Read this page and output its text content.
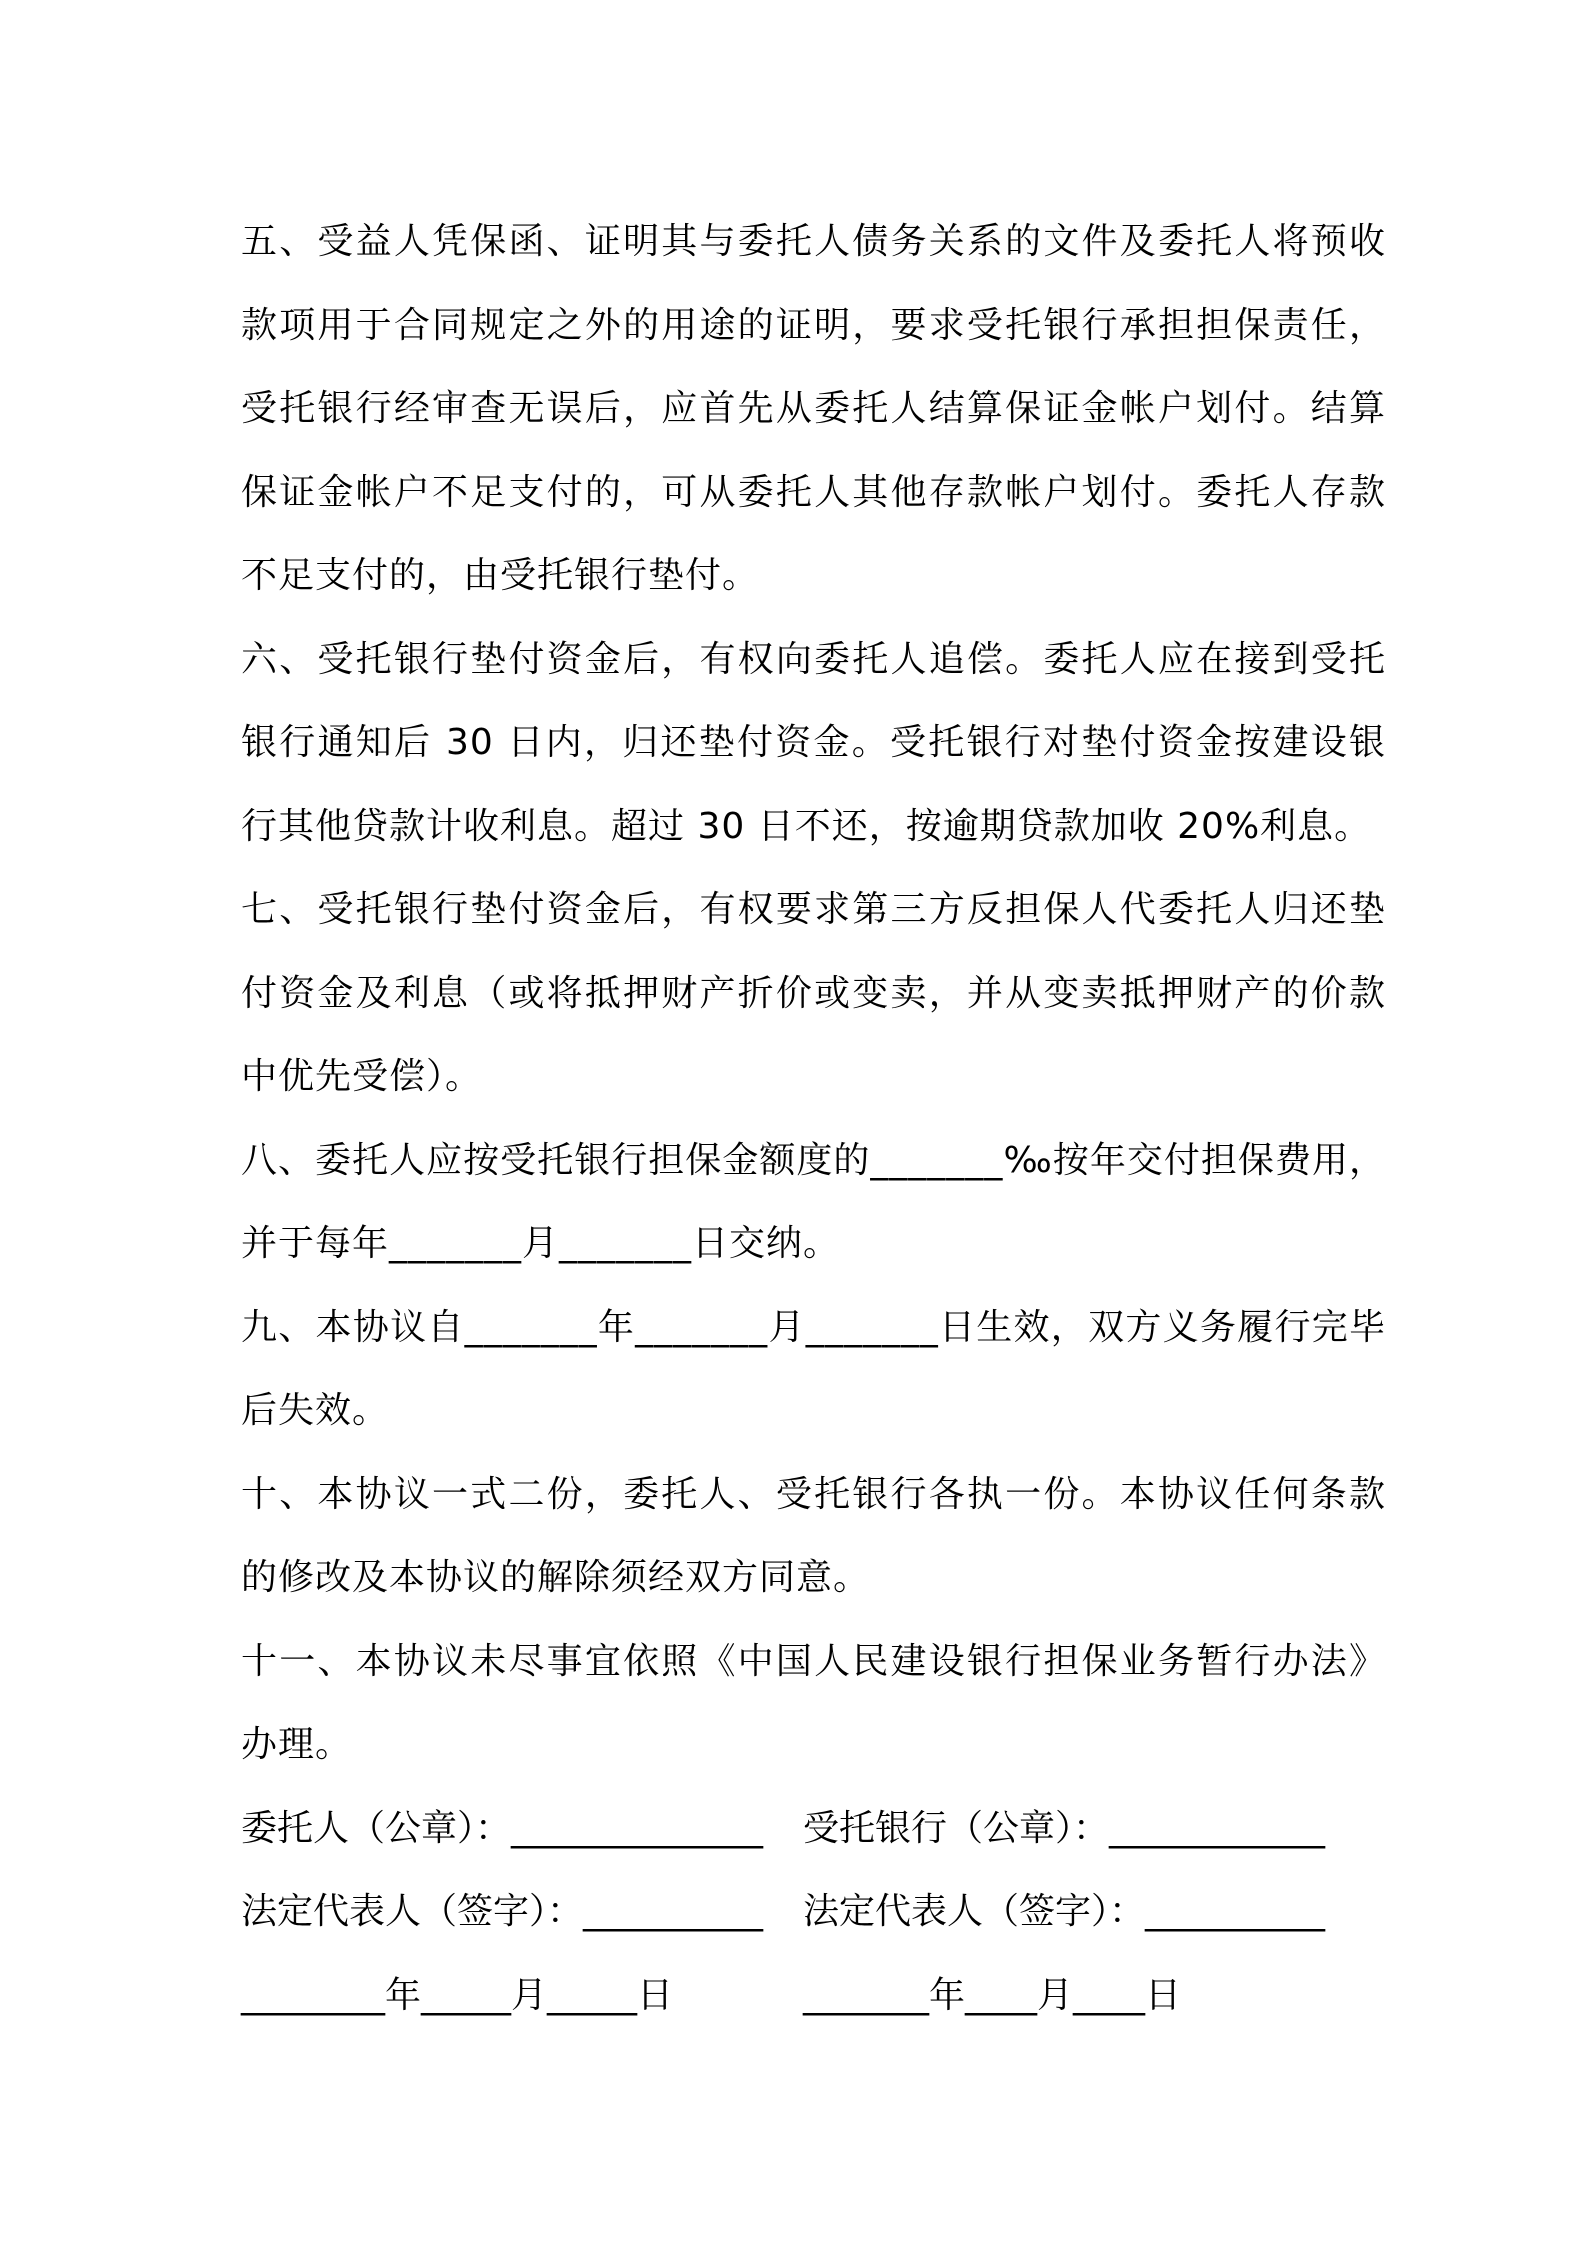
五、受益人凭保函、证明其与委托人债务关系的文件及委托人将预收款项用于合同规定之外的用途的证明，要求受托银行承担担保责任，受托银行经审查无误后，应首先从委托人结算保证金帐户划付。结算保证金帐户不足支付的，可从委托人其他存款帐户划付。委托人存款不足支付的，由受托银行垫付。

六、受托银行垫付资金后，有权向委托人追偿。委托人应在接到受托银行通知后 30 日内，归还垫付资金。受托银行对垫付资金按建设银行其他贷款计收利息。超过 30 日不还，按逾期贷款加收 20%利息。

七、受托银行垫付资金后，有权要求第三方反担保人代委托人归还垫付资金及利息（或将抵押财产折价或变卖，并从变卖抵押财产的价款中优先受偿）。

八、委托人应按受托银行担保金额度的_______‰按年交付担保费用，并于每年_______月_______日交纳。

九、本协议自_______年_______月_______日生效，双方义务履行完毕后失效。

十、本协议一式二份，委托人、受托银行各执一份。本协议任何条款的修改及本协议的解除须经双方同意。

十一、本协议未尽事宜依照《中国人民建设银行担保业务暂行办法》办理。

委托人（公章）：______________	受托银行（公章）：____________
法定代表人（签字）：__________	法定代表人（签字）：__________
________年_____月_____日	_______年____月____日
